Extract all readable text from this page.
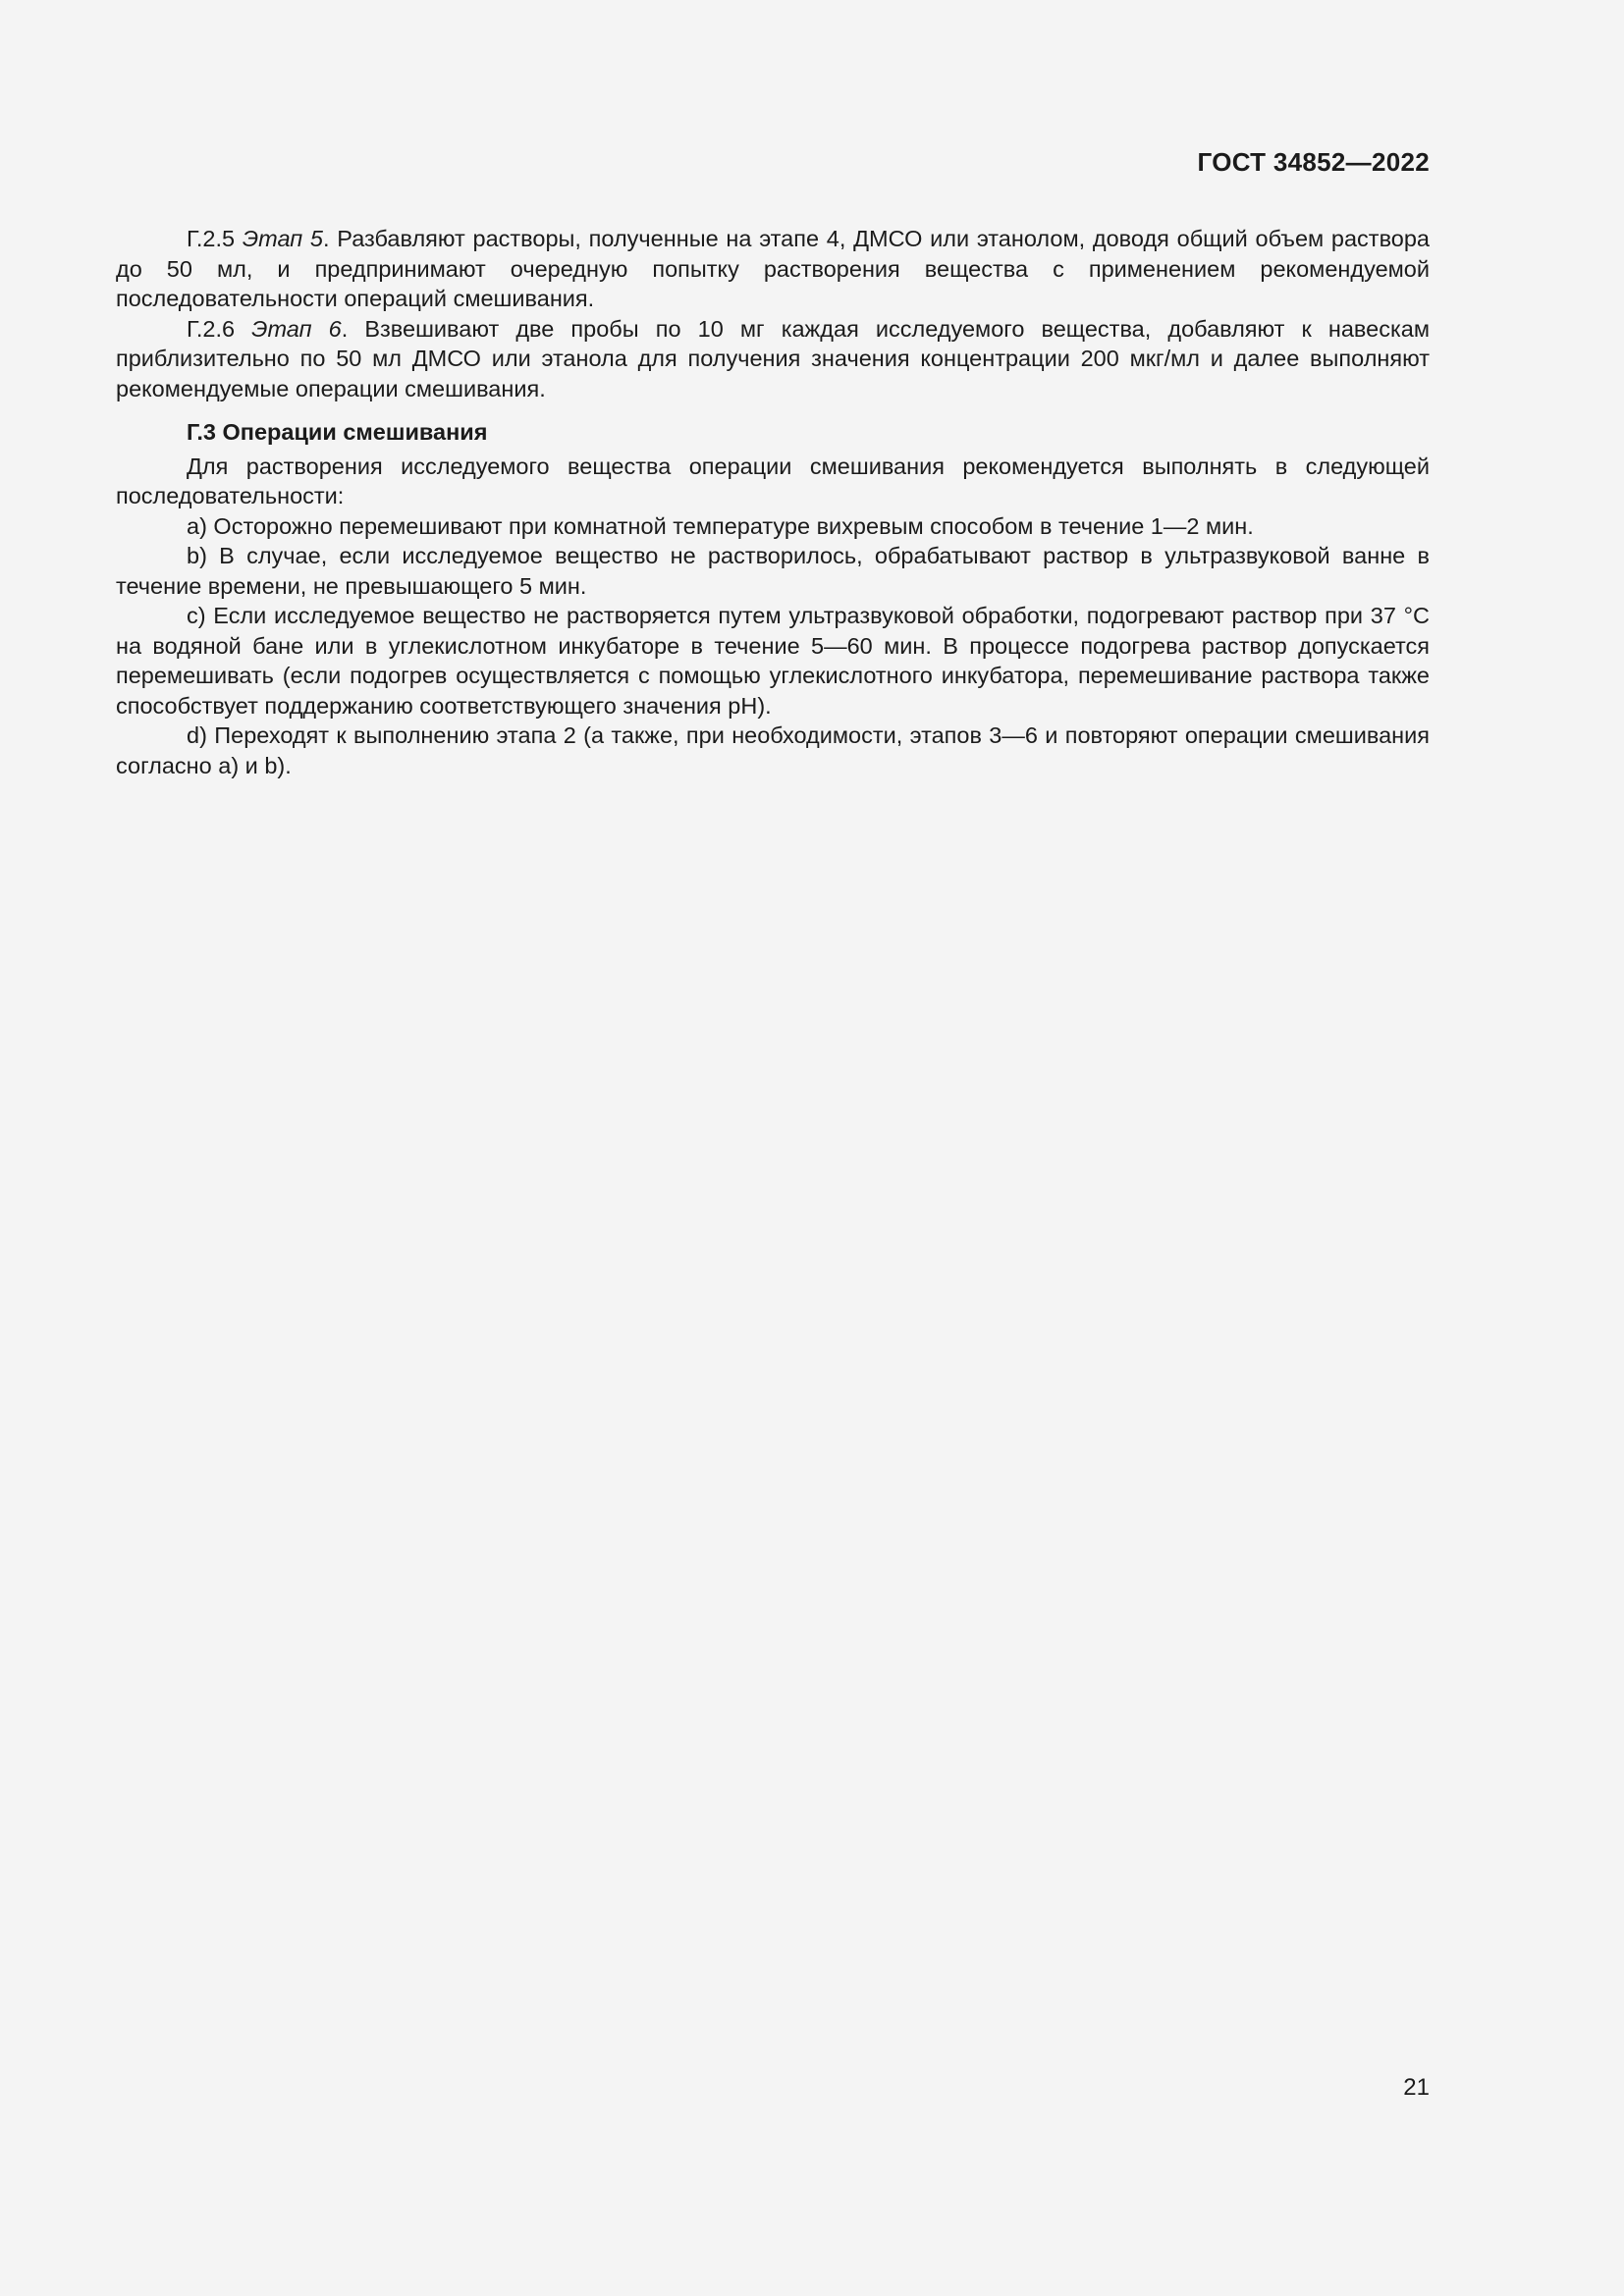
ГОСТ 34852—2022

Г.2.5 Этап 5. Разбавляют растворы, полученные на этапе 4, ДМСО или этанолом, доводя общий объем раствора до 50 мл, и предпринимают очередную попытку растворения вещества с применением рекомендуемой последовательности операций смешивания.

Г.2.6 Этап 6. Взвешивают две пробы по 10 мг каждая исследуемого вещества, добавляют к навескам приблизительно по 50 мл ДМСО или этанола для получения значения концентрации 200 мкг/мл и далее выполняют рекомендуемые операции смешивания.

Г.3 Операции смешивания

Для растворения исследуемого вещества операции смешивания рекомендуется выполнять в следующей последовательности:

a) Осторожно перемешивают при комнатной температуре вихревым способом в течение 1—2 мин.

b) В случае, если исследуемое вещество не растворилось, обрабатывают раствор в ультразвуковой ванне в течение времени, не превышающего 5 мин.

c) Если исследуемое вещество не растворяется путем ультразвуковой обработки, подогревают раствор при 37 °С на водяной бане или в углекислотном инкубаторе в течение 5—60 мин. В процессе подогрева раствор допускается перемешивать (если подогрев осуществляется с помощью углекислотного инкубатора, перемешивание раствора также способствует поддержанию соответствующего значения рН).

d) Переходят к выполнению этапа 2 (а также, при необходимости, этапов 3—6 и повторяют операции смешивания согласно а) и b).

21
